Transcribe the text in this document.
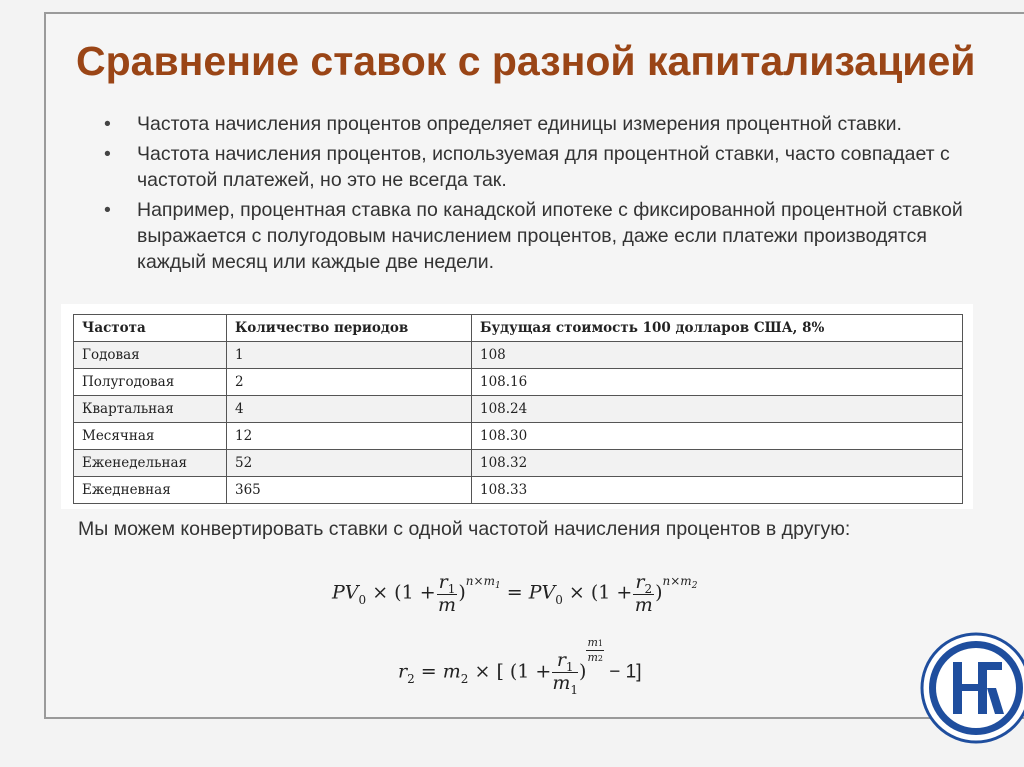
Сравнение ставок с разной капитализацией
• Частота начисления процентов определяет единицы измерения процентной ставки.
• Частота начисления процентов, используемая для процентной ставки, часто совпадает с частотой платежей, но это не всегда так.
• Например, процентная ставка по канадской ипотеке с фиксированной процентной ставкой выражается с полугодовым начислением процентов, даже если платежи производятся каждый месяц или каждые две недели.
Частота	Количество периодов	Будущая стоимость 100 долларов США, 8%
Годовая	1	108
Полугодовая	2	108.16
Квартальная	4	108.24
Месячная	12	108.30
Еженедельная	52	108.32
Ежедневная	365	108.33

Мы можем конвертировать ставки с одной частотой начисления процентов в другую:

$PV_0 \times (1 + \frac{r_1}{m} )^{n\times m1} = PV_0 \times (1 + \frac{r_2}{m} )^{n\times m2}$
$r_2 = m_2$ × [ ($1 + \frac{r_1}{m_1}$ )
$\frac{m1}{m2}$
− 1]
